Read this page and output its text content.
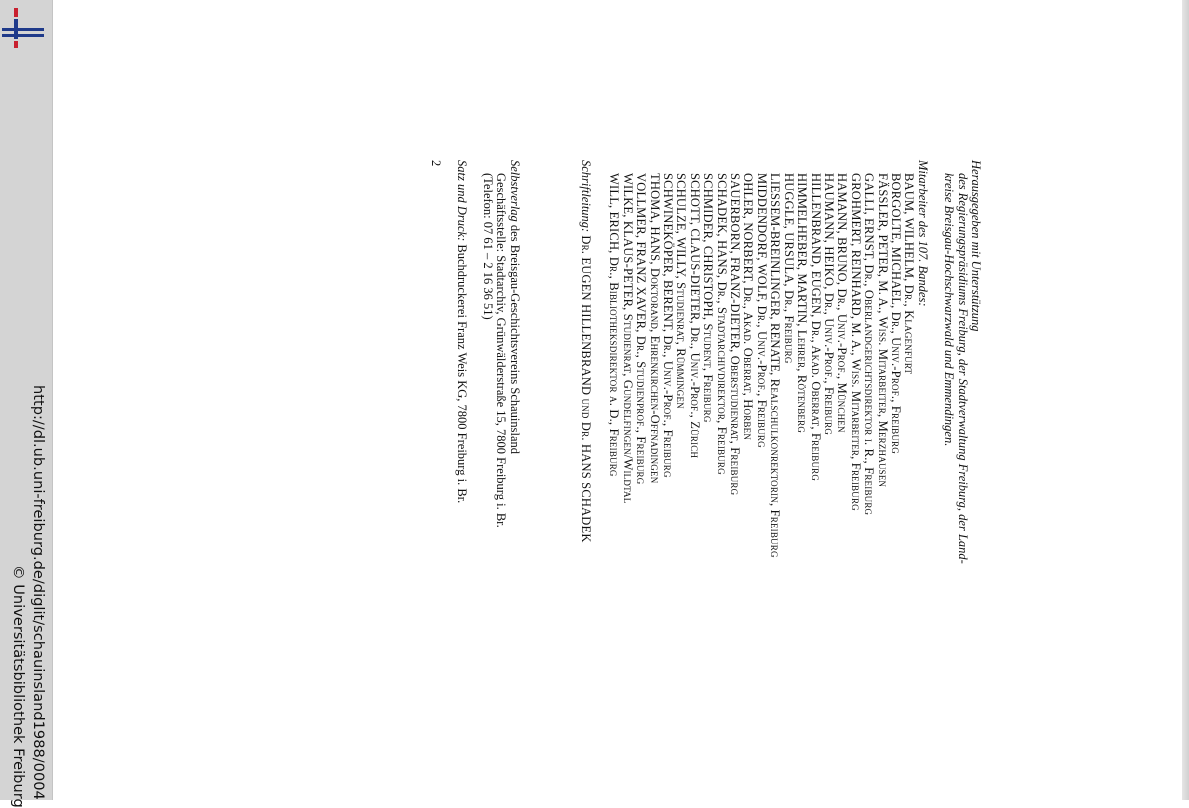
http://dl.ub.uni-freiburg.de/diglit/schauinsland1988/0004
© Universitätsbibliothek Freiburg
Herausgegeben mit Unterstützung
des Regierungspräsidiums Freiburg, der Stadtverwaltung Freiburg, der Land-
kreise Breisgau-Hochschwarzwald und Emmendingen.
Mitarbeiter des 107. Bandes:
BAUM, WILHELM, Dr., Klagenfurt
BORGOLTE, MICHAEL, Dr., Univ.-Prof., Freiburg
FÄSSLER, PETER, M. A., Wiss. Mitarbeiter, Merzhausen
GALLI, ERNST, Dr., Oberlandgerichtsdirektor i. R., Freiburg
GROHMERT, REINHARD, M. A., Wiss. Mitarbeiter, Freiburg
HAMANN, BRUNO, Dr., Univ.-Prof., München
HAUMANN, HEIKO, Dr., Univ.-Prof., Freiburg
HILLENBRAND, EUGEN, Dr., Akad. Oberrat, Freiburg
HIMMELHEBER, MARTIN, Lehrer, Rötenberg
HUGGLE, URSULA, Dr., Freiburg
LIESSEM-BREINLINGER, RENATE, Realschulkonrektorin, Freiburg
MIDDENDORF, WOLF, Dr., Univ.-Prof., Freiburg
OHLER, NORBERT, Dr., Akad. Oberrat, Horben
SAUERBORN, FRANZ-DIETER, Oberstudienrat, Freiburg
SCHADEK, HANS, Dr., Stadtarchivdirektor, Freiburg
SCHMIDER, CHRISTOPH, Student, Freiburg
SCHOTT, CLAUS-DIETER, Dr., Univ.-Prof., Zürich
SCHULZE, WILLY, Studienrat, Rümmingen
SCHWINEKÖPER, BERENT, Dr., Univ.-Prof., Freiburg
THOMA, HANS, Doktorand, Ehrenkirchen-Offnadingen
VOLLMER, FRANZ XAVER, Dr., Studienprof., Freiburg
WILKE, KLAUS-PETER, Studienrat, Gundelfingen/Wildtal
WILL, ERICH, Dr., Bibliotheksdirektor a. D., Freiburg
Schriftleitung: Dr. EUGEN HILLENBRAND und Dr. HANS SCHADEK
Selbstverlag des Breisgau-Geschichtsvereins Schauinsland
Geschäftsstelle: Stadtarchiv, Grünwälderstraße 15, 7800 Freiburg i. Br.
(Telefon: 07 61 – 2 16 36 51)
Satz und Druck: Buchdruckerei Franz Weis KG, 7800 Freiburg i. Br.
2
